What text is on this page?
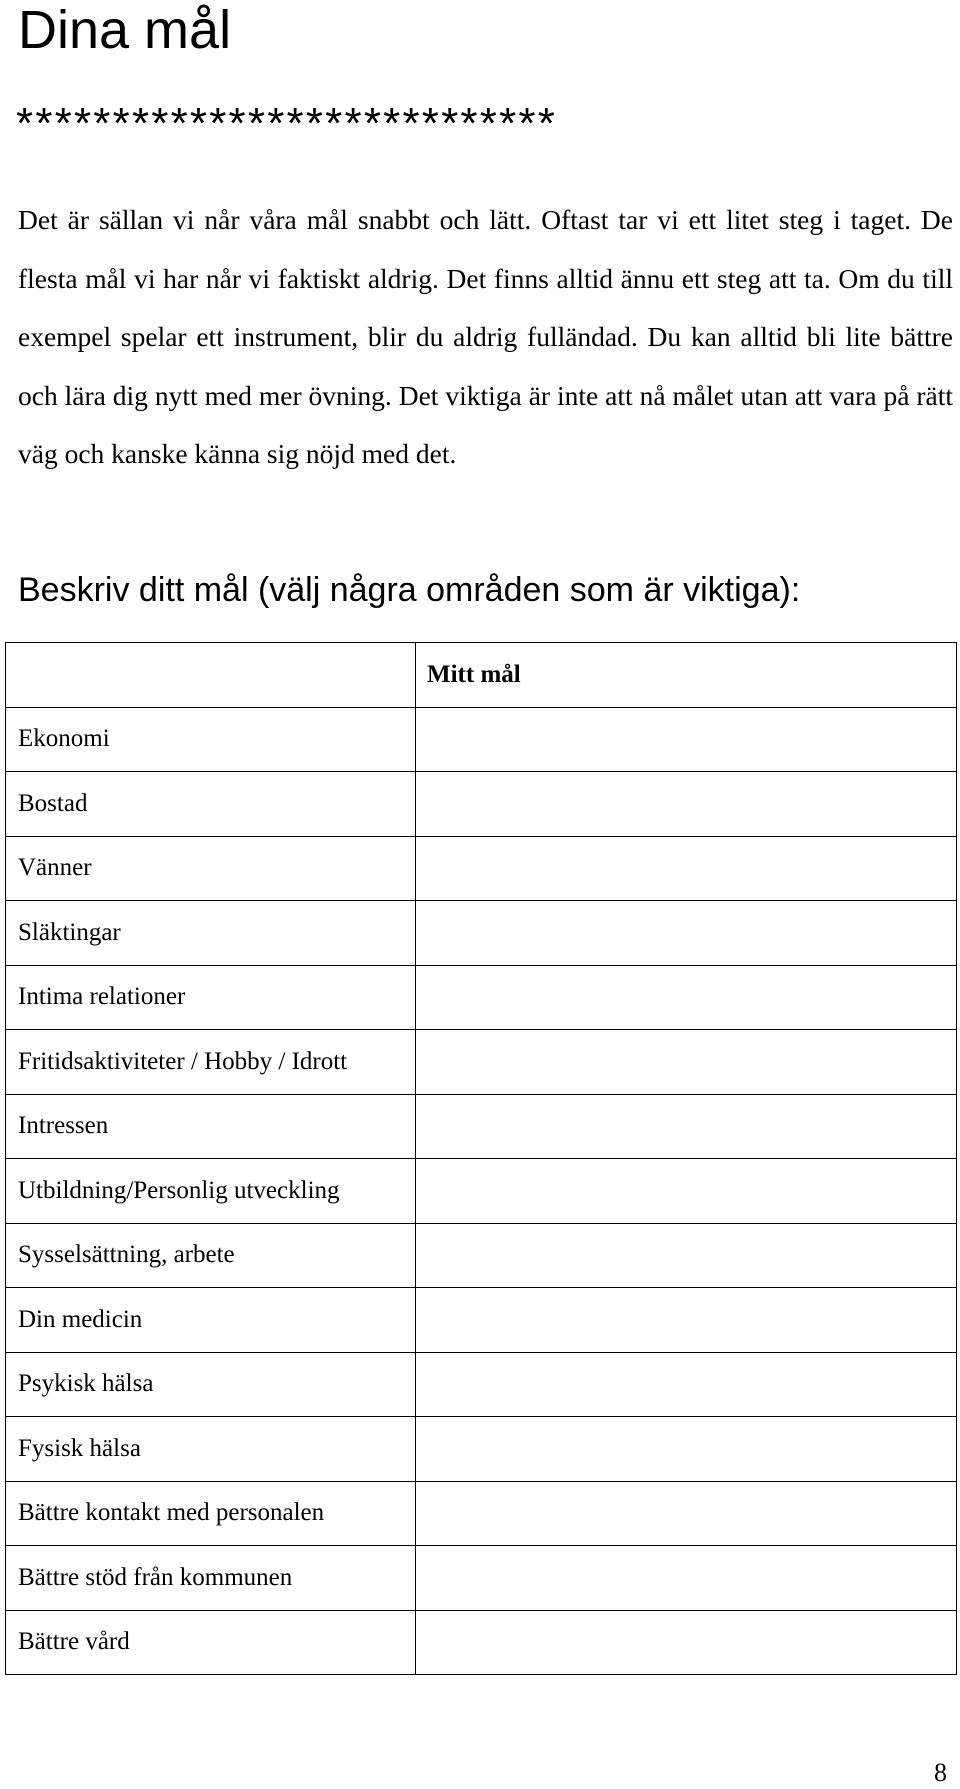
Dina mål
****************************

Det är sällan vi når våra mål snabbt och lätt. Oftast tar vi ett litet steg i taget. De flesta mål vi har når vi faktiskt aldrig. Det finns alltid ännu ett steg att ta. Om du till exempel spelar ett instrument, blir du aldrig fulländad. Du kan alltid bli lite bättre och lära dig nytt med mer övning. Det viktiga är inte att nå målet utan att vara på rätt väg och kanske känna sig nöjd med det.

Beskriv ditt mål (välj några områden som är viktiga):
	Mitt mål
Ekonomi	
Bostad	
Vänner	
Släktingar	
Intima relationer	
Fritidsaktiviteter / Hobby / Idrott	
Intressen	
Utbildning/Personlig utveckling	
Sysselsättning, arbete	
Din medicin	
Psykisk hälsa	
Fysisk hälsa	
Bättre kontakt med personalen	
Bättre stöd från kommunen	
Bättre vård	
8
